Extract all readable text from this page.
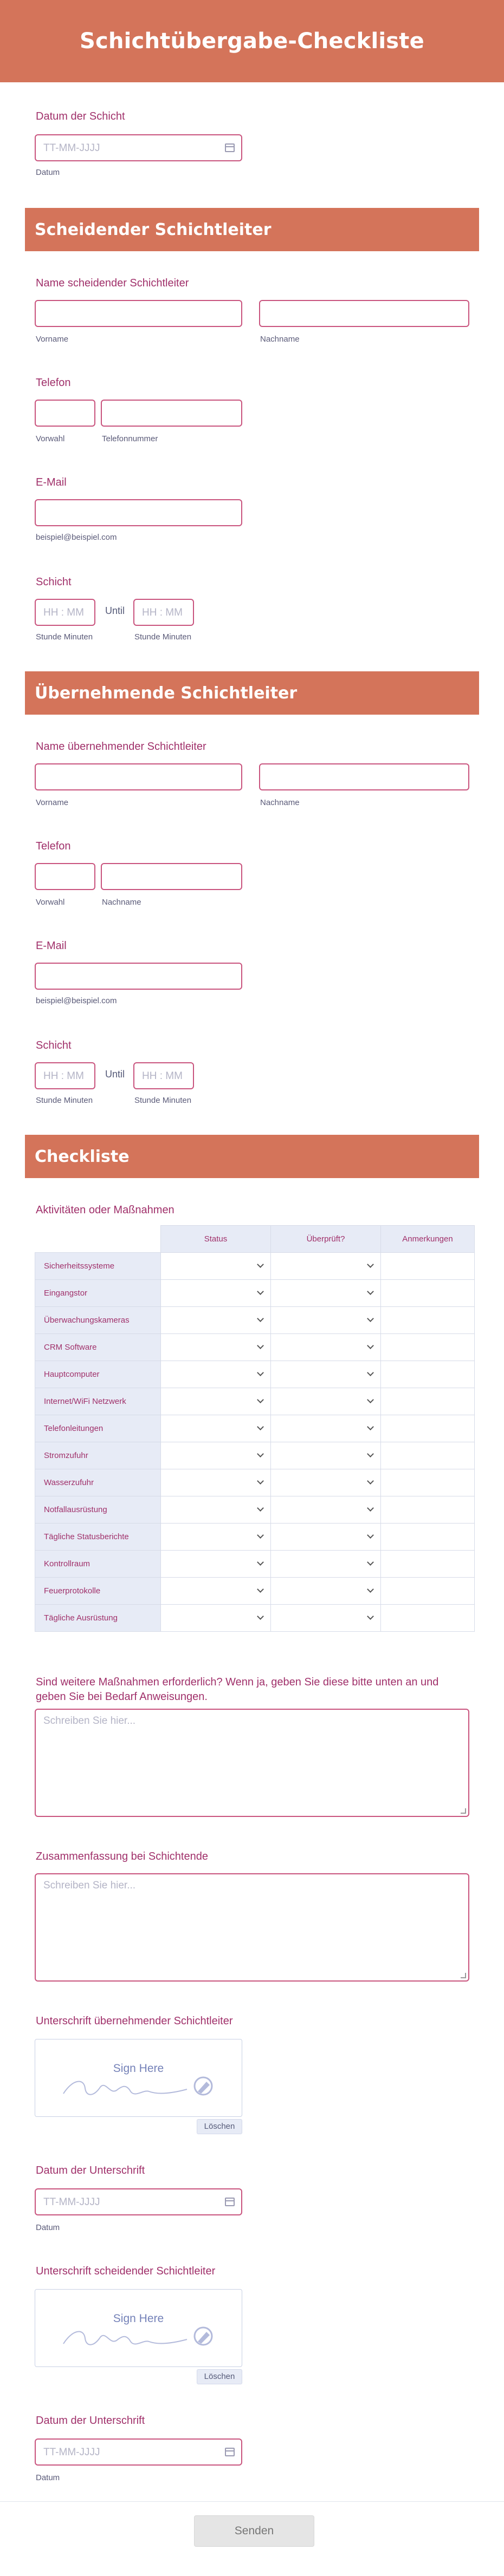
Schichtübergabe-Checkliste
Datum der Schicht
TT-MM-JJJJ
Datum
Scheidender Schichtleiter
Name scheidender Schichtleiter
Vorname	Nachname
Telefon
Vorwahl	Telefonnummer
E-Mail
beispiel@beispiel.com
Schicht
HH : MM Until HH : MM
Stunde Minuten	Stunde Minuten
Übernehmende Schichtleiter
Name übernehmender Schichtleiter
Vorname	Nachname
Telefon
Vorwahl	Nachname
E-Mail
beispiel@beispiel.com
Schicht
HH : MM Until HH : MM
Stunde Minuten	Stunde Minuten
Checkliste
Aktivitäten oder Maßnahmen
	Status	Überprüft?	Anmerkungen
Sicherheitssysteme	

Eingangstor	

Überwachungskameras	

CRM Software	

Hauptcomputer	

Internet/WiFi Netzwerk	

Telefonleitungen	

Stromzufuhr	

Wasserzufuhr	

Notfallausrüstung	

Tägliche Statusberichte	

Kontrollraum	

Feuerprotokolle	

Tägliche Ausrüstung	

Sind weitere Maßnahmen erforderlich? Wenn ja, geben Sie diese bitte unten an und geben Sie bei Bedarf Anweisungen.
Schreiben Sie hier...
Zusammenfassung bei Schichtende
Schreiben Sie hier...
Unterschrift übernehmender Schichtleiter
Sign Here
Löschen
Datum der Unterschrift
TT-MM-JJJJ
Datum
Unterschrift scheidender Schichtleiter
Sign Here
Löschen
Datum der Unterschrift
TT-MM-JJJJ
Datum
Senden
